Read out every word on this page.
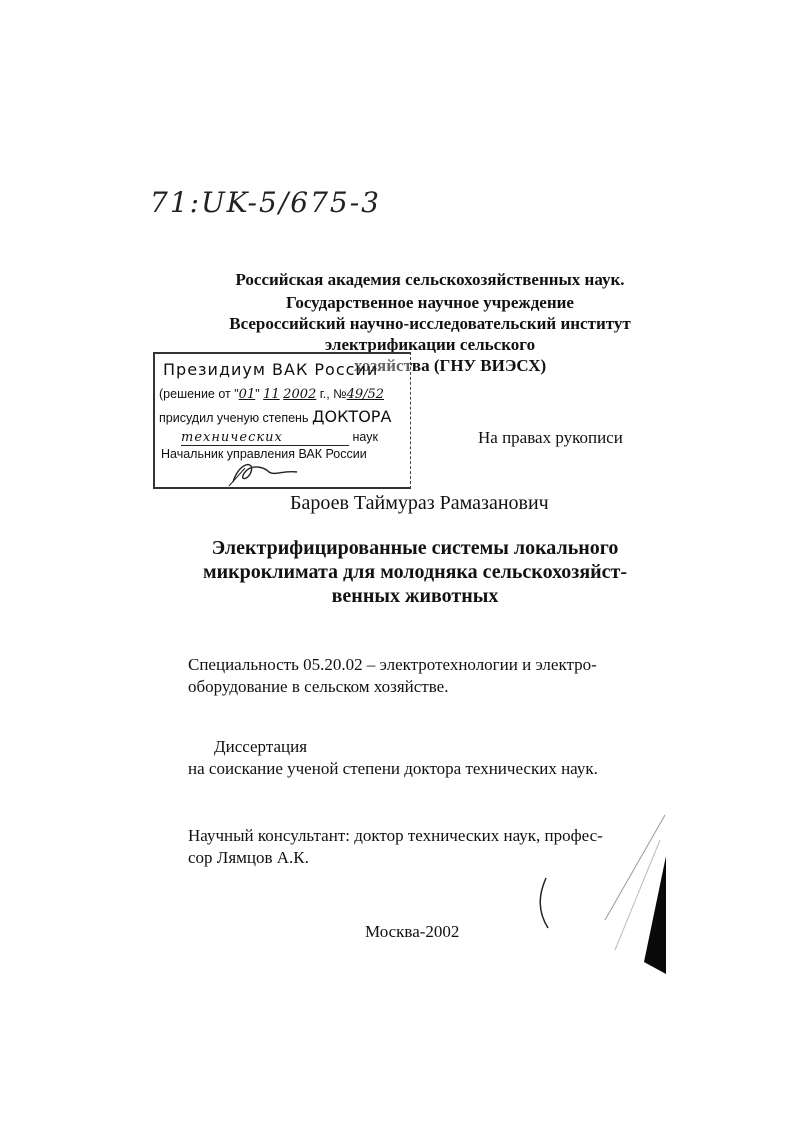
71:UK-5/675-3
Российская академия сельскохозяйственных наук.
Государственное научное учреждение
Всероссийский научно-исследовательский институт
электрификации сельского
хозяйства (ГНУ ВИЭСХ)
Президиум ВАК России
(решение от "01" 11 2002 г., №49/52
присудил ученую степень ДОКТОРА
технических	наук
Начальник управления ВАК России
На правах рукописи
Бароев Таймураз Рамазанович
Электрифицированные системы локального
микроклимата для молодняка сельскохозяйст-
венных животных
Специальность 05.20.02 – электротехнологии и электро-
оборудование в сельском хозяйстве.
Диссертация
на соискание ученой степени доктора технических наук.
Научный консультант: доктор технических наук, профес-
сор Лямцов А.К.
Москва-2002
